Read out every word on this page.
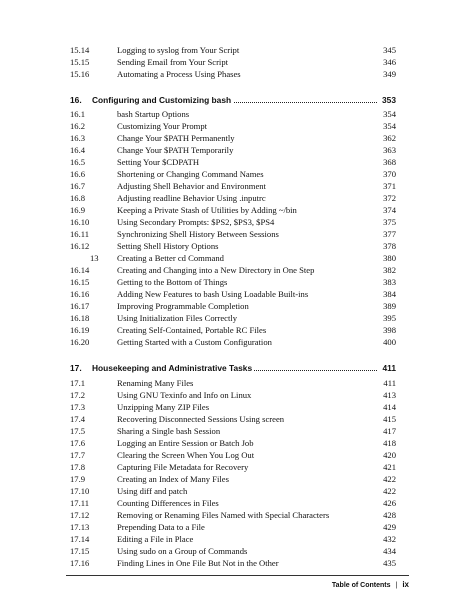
15.14	Logging to syslog from Your Script	345
15.15	Sending Email from Your Script	346
15.16	Automating a Process Using Phases	349
16. Configuring and Customizing bash	353
16.1	bash Startup Options	354
16.2	Customizing Your Prompt	354
16.3	Change Your $PATH Permanently	362
16.4	Change Your $PATH Temporarily	363
16.5	Setting Your $CDPATH	368
16.6	Shortening or Changing Command Names	370
16.7	Adjusting Shell Behavior and Environment	371
16.8	Adjusting readline Behavior Using .inputrc	372
16.9	Keeping a Private Stash of Utilities by Adding ~/bin	374
16.10	Using Secondary Prompts: $PS2, $PS3, $PS4	375
16.11	Synchronizing Shell History Between Sessions	377
16.12	Setting Shell History Options	378
13	Creating a Better cd Command	380
16.14	Creating and Changing into a New Directory in One Step	382
16.15	Getting to the Bottom of Things	383
16.16	Adding New Features to bash Using Loadable Built-ins	384
16.17	Improving Programmable Completion	389
16.18	Using Initialization Files Correctly	395
16.19	Creating Self-Contained, Portable RC Files	398
16.20	Getting Started with a Custom Configuration	400
17. Housekeeping and Administrative Tasks	411
17.1	Renaming Many Files	411
17.2	Using GNU Texinfo and Info on Linux	413
17.3	Unzipping Many ZIP Files	414
17.4	Recovering Disconnected Sessions Using screen	415
17.5	Sharing a Single bash Session	417
17.6	Logging an Entire Session or Batch Job	418
17.7	Clearing the Screen When You Log Out	420
17.8	Capturing File Metadata for Recovery	421
17.9	Creating an Index of Many Files	422
17.10	Using diff and patch	422
17.11	Counting Differences in Files	426
17.12	Removing or Renaming Files Named with Special Characters	428
17.13	Prepending Data to a File	429
17.14	Editing a File in Place	432
17.15	Using sudo on a Group of Commands	434
17.16	Finding Lines in One File But Not in the Other	435
Table of Contents | ix
